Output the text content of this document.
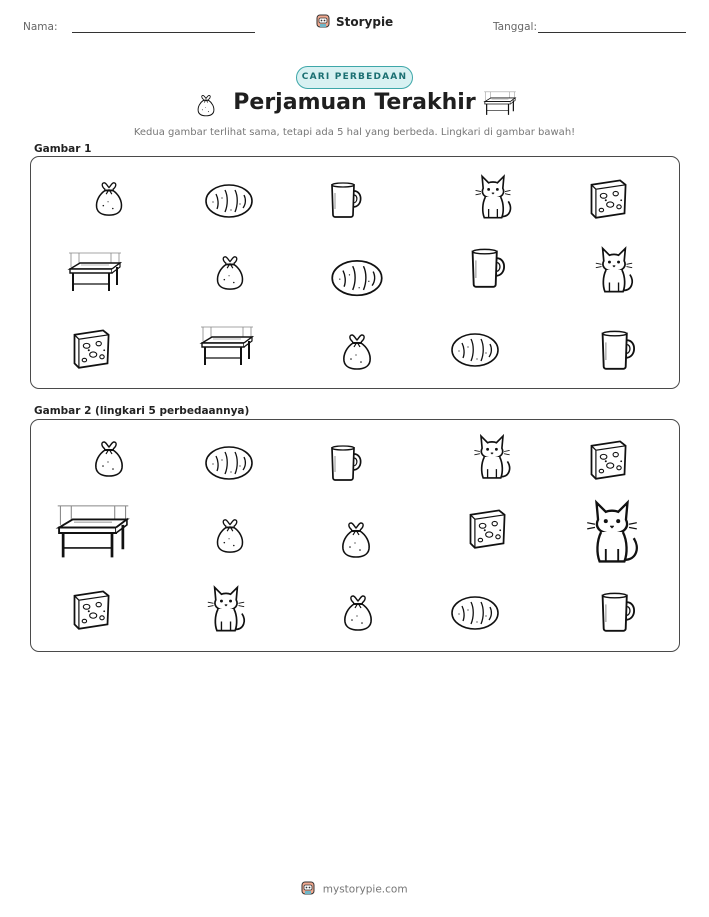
Nama:	Storypie	Tanggal:
CARI PERBEDAAN
Perjamuan Terakhir
Kedua gambar terlihat sama, tetapi ada 5 hal yang berbeda. Lingkari di gambar bawah!
Gambar 1
Gambar 2 (lingkari 5 perbedaannya)
mystorypie.com
